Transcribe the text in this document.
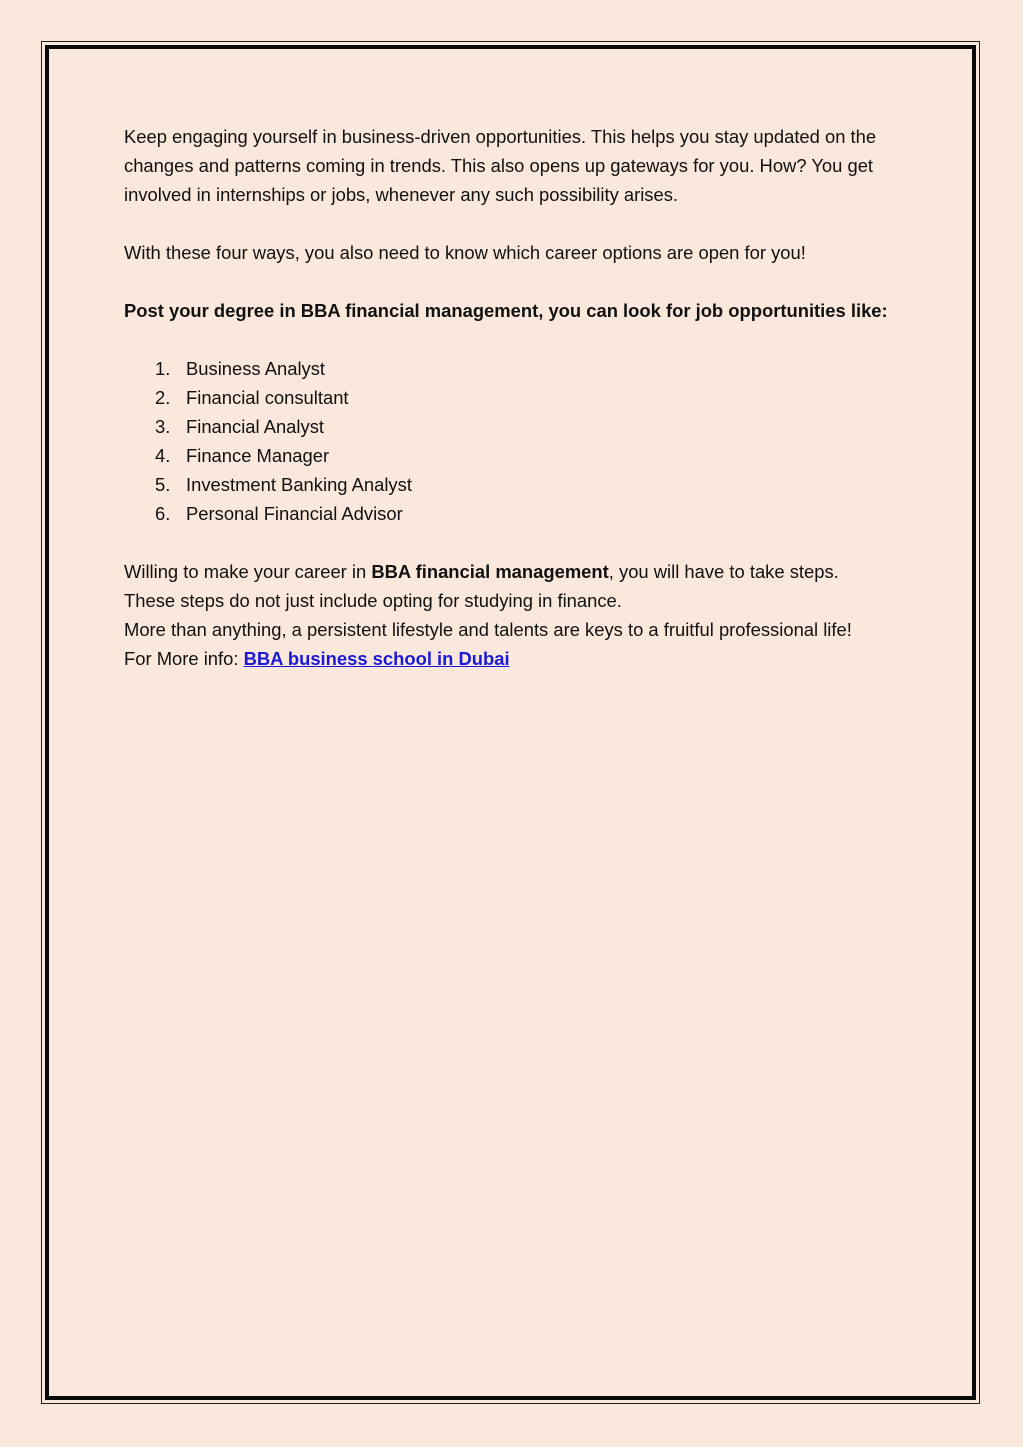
Keep engaging yourself in business-driven opportunities. This helps you stay updated on the changes and patterns coming in trends. This also opens up gateways for you. How? You get involved in internships or jobs, whenever any such possibility arises.

With these four ways, you also need to know which career options are open for you!

Post your degree in BBA financial management, you can look for job opportunities like:

1. Business Analyst
2. Financial consultant
3. Financial Analyst
4. Finance Manager
5. Investment Banking Analyst
6. Personal Financial Advisor

Willing to make your career in BBA financial management, you will have to take steps.

These steps do not just include opting for studying in finance.

More than anything, a persistent lifestyle and talents are keys to a fruitful professional life!

For More info: BBA business school in Dubai
